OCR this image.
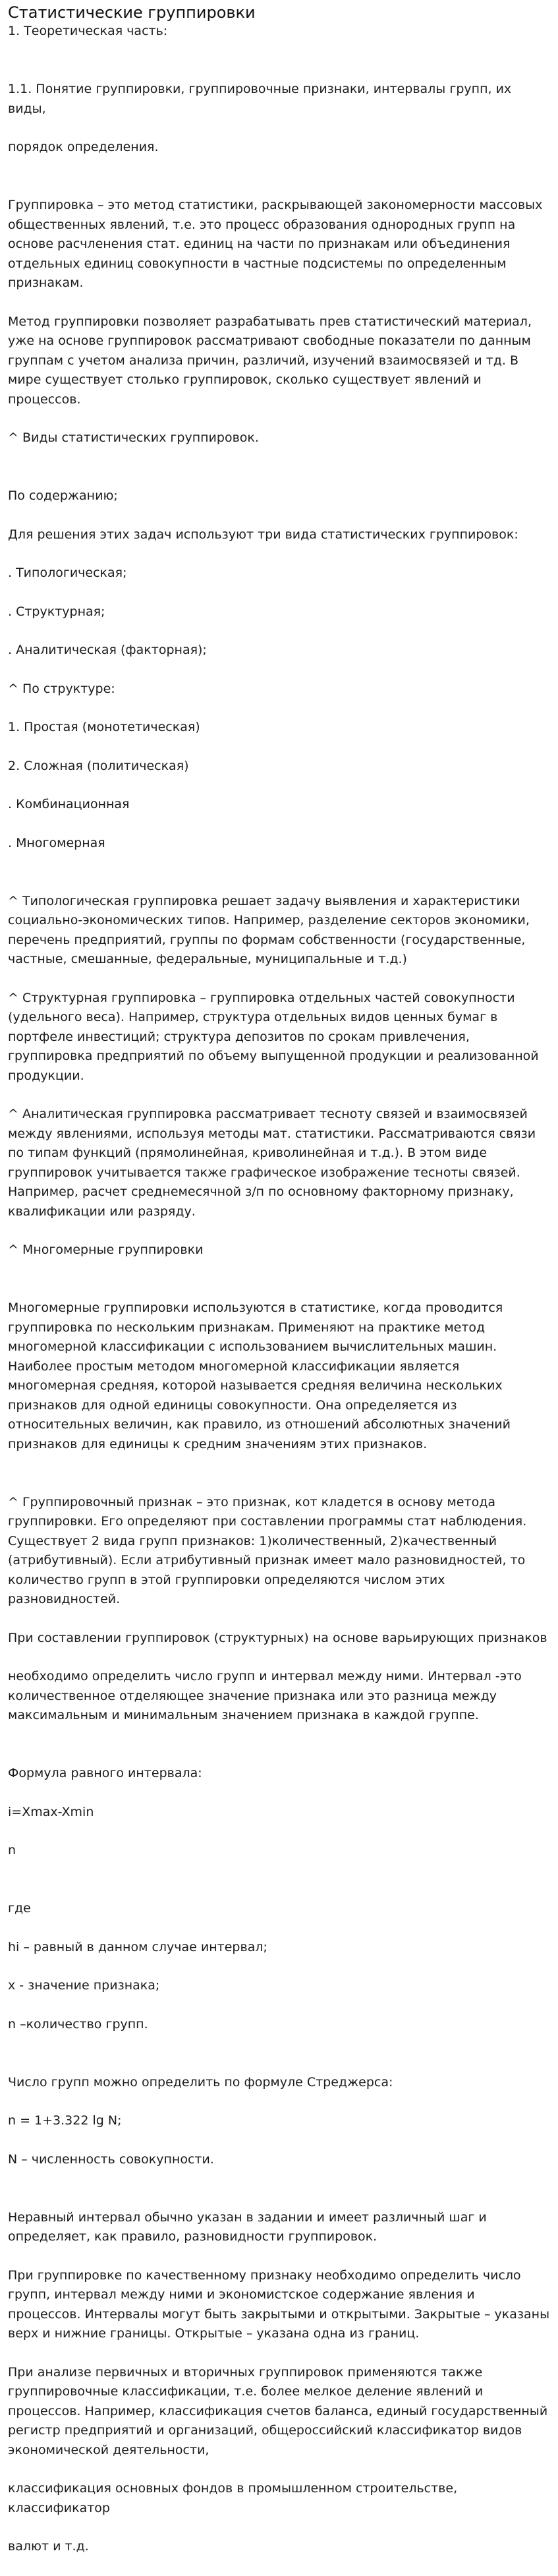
Статистические группировки

1. Теоретическая часть:

1.1. Понятие группировки, группировочные признаки, интервалы групп, их виды,

порядок определения.

Группировка – это метод статистики, раскрывающей закономерности массовых общественных явлений, т.е. это процесс образования однородных групп на основе расчленения стат. единиц на части по признакам или объединения отдельных единиц совокупности в частные подсистемы по определенным признакам.

Метод группировки позволяет разрабатывать прев статистический материал, уже на основе группировок рассматривают свободные показатели по данным группам с учетом анализа причин, различий, изучений взаимосвязей и тд. В мире существует столько группировок, сколько существует явлений и процессов.

^ Виды статистических группировок.

По содержанию;

Для решения этих задач используют три вида статистических группировок:

. Типологическая;

. Структурная;

. Аналитическая (факторная);

^ По структуре:

1. Простая (монотетическая)

2. Сложная (политическая)

. Комбинационная

. Многомерная

^ Типологическая группировка решает задачу выявления и характеристики социально-экономических типов. Например, разделение секторов экономики, перечень предприятий, группы по формам собственности (государственные, частные, смешанные, федеральные, муниципальные и т.д.)

^ Структурная группировка – группировка отдельных частей совокупности (удельного веса). Например, структура отдельных видов ценных бумаг в портфеле инвестиций; структура депозитов по срокам привлечения, группировка предприятий по объему выпущенной продукции и реализованной продукции.

^ Аналитическая группировка рассматривает тесноту связей и взаимосвязей между явлениями, используя методы мат. статистики. Рассматриваются связи по типам функций (прямолинейная, криволинейная и т.д.). В этом виде группировок учитывается также графическое изображение тесноты связей. Например, расчет среднемесячной з/п по основному факторному признаку, квалификации или разряду.

^ Многомерные группировки

Многомерные группировки используются в статистике, когда проводится группировка по нескольким признакам. Применяют на практике метод многомерной классификации с использованием вычислительных машин. Наиболее простым методом многомерной классификации является многомерная средняя, которой называется средняя величина нескольких признаков для одной единицы совокупности. Она определяется из относительных величин, как правило, из отношений абсолютных значений признаков для единицы к средним значениям этих признаков.

^ Группировочный признак – это признак, кот кладется в основу метода группировки. Его определяют при составлении программы стат наблюдения. Существует 2 вида групп признаков: 1)количественный, 2)качественный (атрибутивный). Если атрибутивный признак имеет мало разновидностей, то количество групп в этой группировки определяются числом этих разновидностей.

При составлении группировок (структурных) на основе варьирующих признаков

необходимо определить число групп и интервал между ними. Интервал -это количественное отделяющее значение признака или это разница между максимальным и минимальным значением признака в каждой группе.

Формула равного интервала:

i=Xmax-Xmin

n

где

hi – равный в данном случае интервал;

x - значение признака;

n –количество групп.

Число групп можно определить по формуле Стреджерса:

n = 1+3.322 lg N;

N – численность совокупности.

Неравный интервал обычно указан в задании и имеет различный шаг и определяет, как правило, разновидности группировок.

При группировке по качественному признаку необходимо определить число групп, интервал между ними и экономистское содержание явления и процессов. Интервалы могут быть закрытыми и открытыми. Закрытые – указаны верх и нижние границы. Открытые – указана одна из границ.

При анализе первичных и вторичных группировок применяются также группировочные классификации, т.е. более мелкое деление явлений и процессов. Например, классификация счетов баланса, единый государственный регистр предприятий и организаций, общероссийский классификатор видов экономической деятельности,

классификация основных фондов в промышленном строительстве, классификатор

валют и т.д.
